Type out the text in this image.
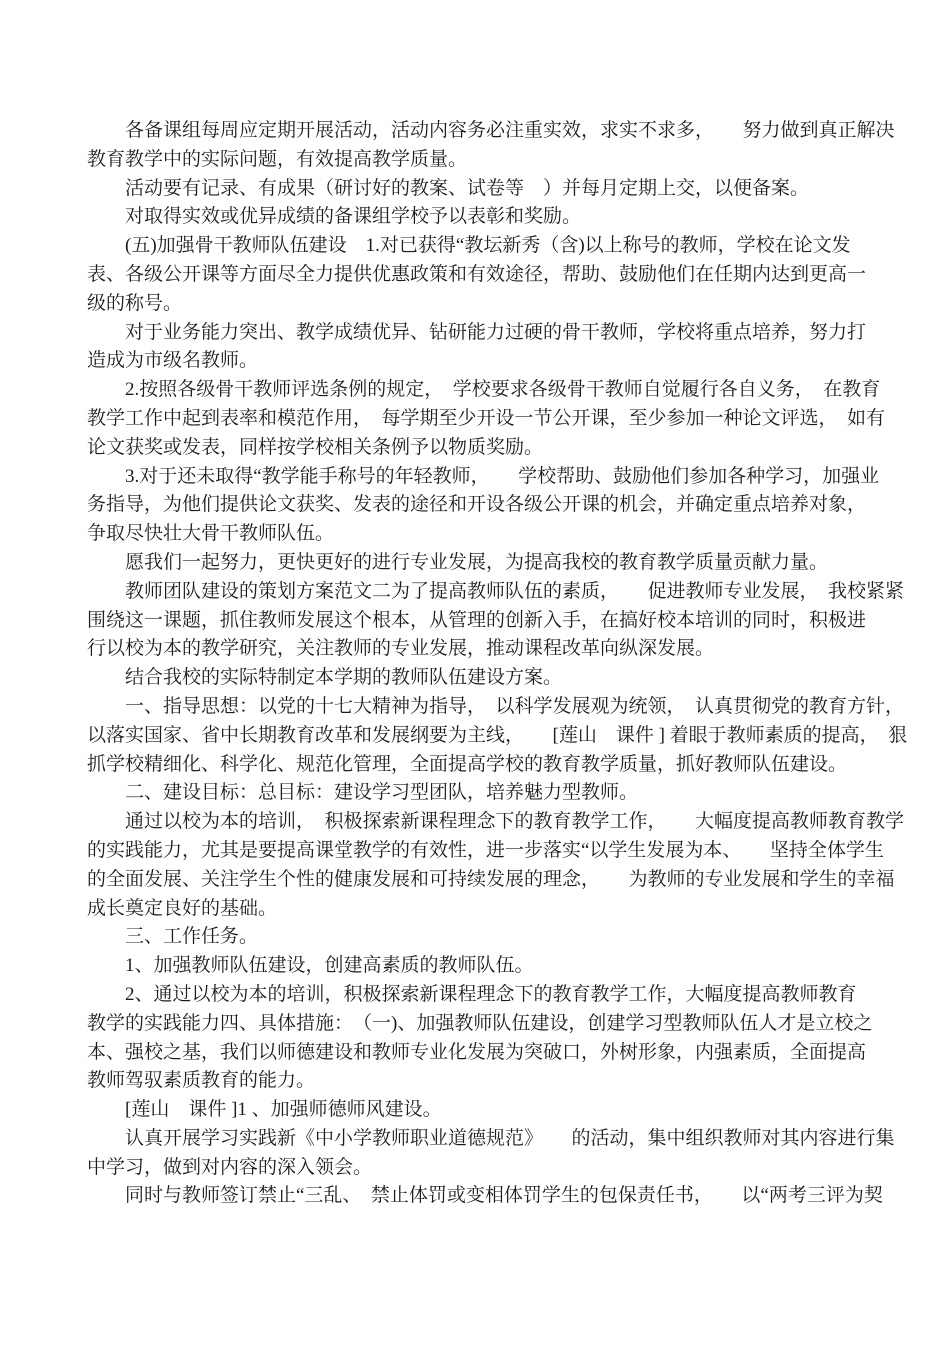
　　各备课组每周应定期开展活动，活动内容务必注重实效，求实不求多，　　努力做到真正解决
教育教学中的实际问题，有效提高教学质量。
　　活动要有记录、有成果（研讨好的教案、试卷等　）并每月定期上交，以便备案。
　　对取得实效或优异成绩的备课组学校予以表彰和奖励。
　　(五)加强骨干教师队伍建设　1.对已获得“教坛新秀（含)以上称号的教师，学校在论文发
表、各级公开课等方面尽全力提供优惠政策和有效途径，帮助、鼓励他们在任期内达到更高一
级的称号。
　　对于业务能力突出、教学成绩优异、钻研能力过硬的骨干教师，学校将重点培养，努力打
造成为市级名教师。
　　2.按照各级骨干教师评选条例的规定，　学校要求各级骨干教师自觉履行各自义务，　在教育
教学工作中起到表率和模范作用，　每学期至少开设一节公开课，至少参加一种论文评选，　如有
论文获奖或发表，同样按学校相关条例予以物质奖励。
　　3.对于还未取得“教学能手称号的年轻教师，　　学校帮助、鼓励他们参加各种学习，加强业
务指导，为他们提供论文获奖、发表的途径和开设各级公开课的机会，并确定重点培养对象，
争取尽快壮大骨干教师队伍。
　　愿我们一起努力，更快更好的进行专业发展，为提高我校的教育教学质量贡献力量。
　　教师团队建设的策划方案范文二为了提高教师队伍的素质，　　促进教师专业发展，　我校紧紧
围绕这一课题，抓住教师发展这个根本，从管理的创新入手，在搞好校本培训的同时，积极进
行以校为本的教学研究，关注教师的专业发展，推动课程改革向纵深发展。
　　结合我校的实际特制定本学期的教师队伍建设方案。
　　一、指导思想：以党的十七大精神为指导，　以科学发展观为统领，　认真贯彻党的教育方针，
以落实国家、省中长期教育改革和发展纲要为主线，　　[莲山　课件 ] 着眼于教师素质的提高，　狠
抓学校精细化、科学化、规范化管理，全面提高学校的教育教学质量，抓好教师队伍建设。
　　二、建设目标：总目标：建设学习型团队，培养魅力型教师。
　　通过以校为本的培训，　积极探索新课程理念下的教育教学工作，　　大幅度提高教师教育教学
的实践能力，尤其是要提高课堂教学的有效性，进一步落实“以学生发展为本、　　坚持全体学生
的全面发展、关注学生个性的健康发展和可持续发展的理念，　　为教师的专业发展和学生的幸福
成长奠定良好的基础。
　　三、工作任务。
　　1、加强教师队伍建设，创建高素质的教师队伍。
　　2、通过以校为本的培训，积极探索新课程理念下的教育教学工作，大幅度提高教师教育
教学的实践能力四、具体措施：　（一)、加强教师队伍建设，创建学习型教师队伍人才是立校之
本、强校之基，我们以师德建设和教师专业化发展为突破口，外树形象，内强素质，全面提高
教师驾驭素质教育的能力。
　　[莲山　课件 ]1 、加强师德师风建设。
　　认真开展学习实践新《中小学教师职业道德规范》　　的活动，集中组织教师对其内容进行集
中学习，做到对内容的深入领会。
　　同时与教师签订禁止“三乱、　禁止体罚或变相体罚学生的包保责任书，　　以“两考三评为契
